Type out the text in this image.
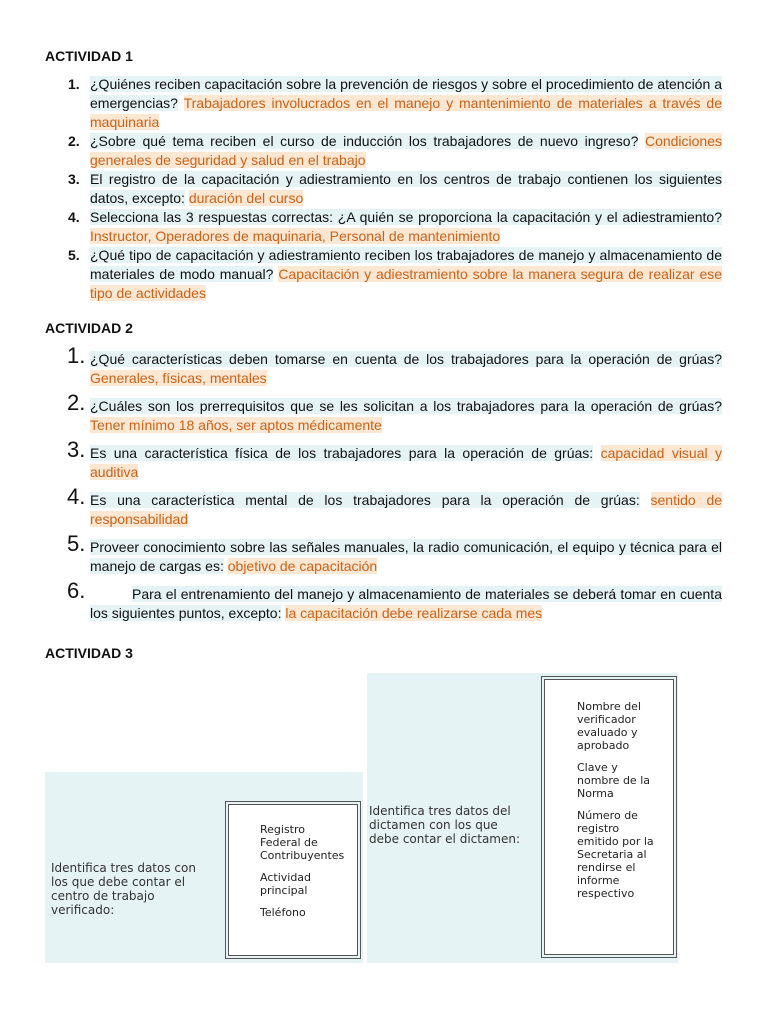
ACTIVIDAD 1
1. ¿Quiénes reciben capacitación sobre la prevención de riesgos y sobre el procedimiento de atención a emergencias? Trabajadores involucrados en el manejo y mantenimiento de materiales a través de maquinaria
2. ¿Sobre qué tema reciben el curso de inducción los trabajadores de nuevo ingreso? Condiciones generales de seguridad y salud en el trabajo
3. El registro de la capacitación y adiestramiento en los centros de trabajo contienen los siguientes datos, excepto: duración del curso
4. Selecciona las 3 respuestas correctas: ¿A quién se proporciona la capacitación y el adiestramiento? Instructor, Operadores de maquinaria, Personal de mantenimiento
5. ¿Qué tipo de capacitación y adiestramiento reciben los trabajadores de manejo y almacenamiento de materiales de modo manual? Capacitación y adiestramiento sobre la manera segura de realizar ese tipo de actividades
ACTIVIDAD 2
1. ¿Qué características deben tomarse en cuenta de los trabajadores para la operación de grúas? Generales, físicas, mentales
2. ¿Cuáles son los prerrequisitos que se les solicitan a los trabajadores para la operación de grúas? Tener mínimo 18 años, ser aptos médicamente
3. Es una característica física de los trabajadores para la operación de grúas: capacidad visual y auditiva
4. Es una característica mental de los trabajadores para la operación de grúas: sentido de responsabilidad
5. Proveer conocimiento sobre las señales manuales, la radio comunicación, el equipo y técnica para el manejo de cargas es: objetivo de capacitación
6.	Para el entrenamiento del manejo y almacenamiento de materiales se deberá tomar en cuenta los siguientes puntos, excepto: la capacitación debe realizarse cada mes
ACTIVIDAD 3
Identifica tres datos con los que debe contar el centro de trabajo verificado:

Registro Federal de Contribuyentes

Actividad principal

Teléfono

Identifica tres datos del dictamen con los que debe contar el dictamen:

Nombre del verificador evaluado y aprobado

Clave y nombre de la Norma

Número de registro emitido por la Secretaria al rendirse el informe respectivo
